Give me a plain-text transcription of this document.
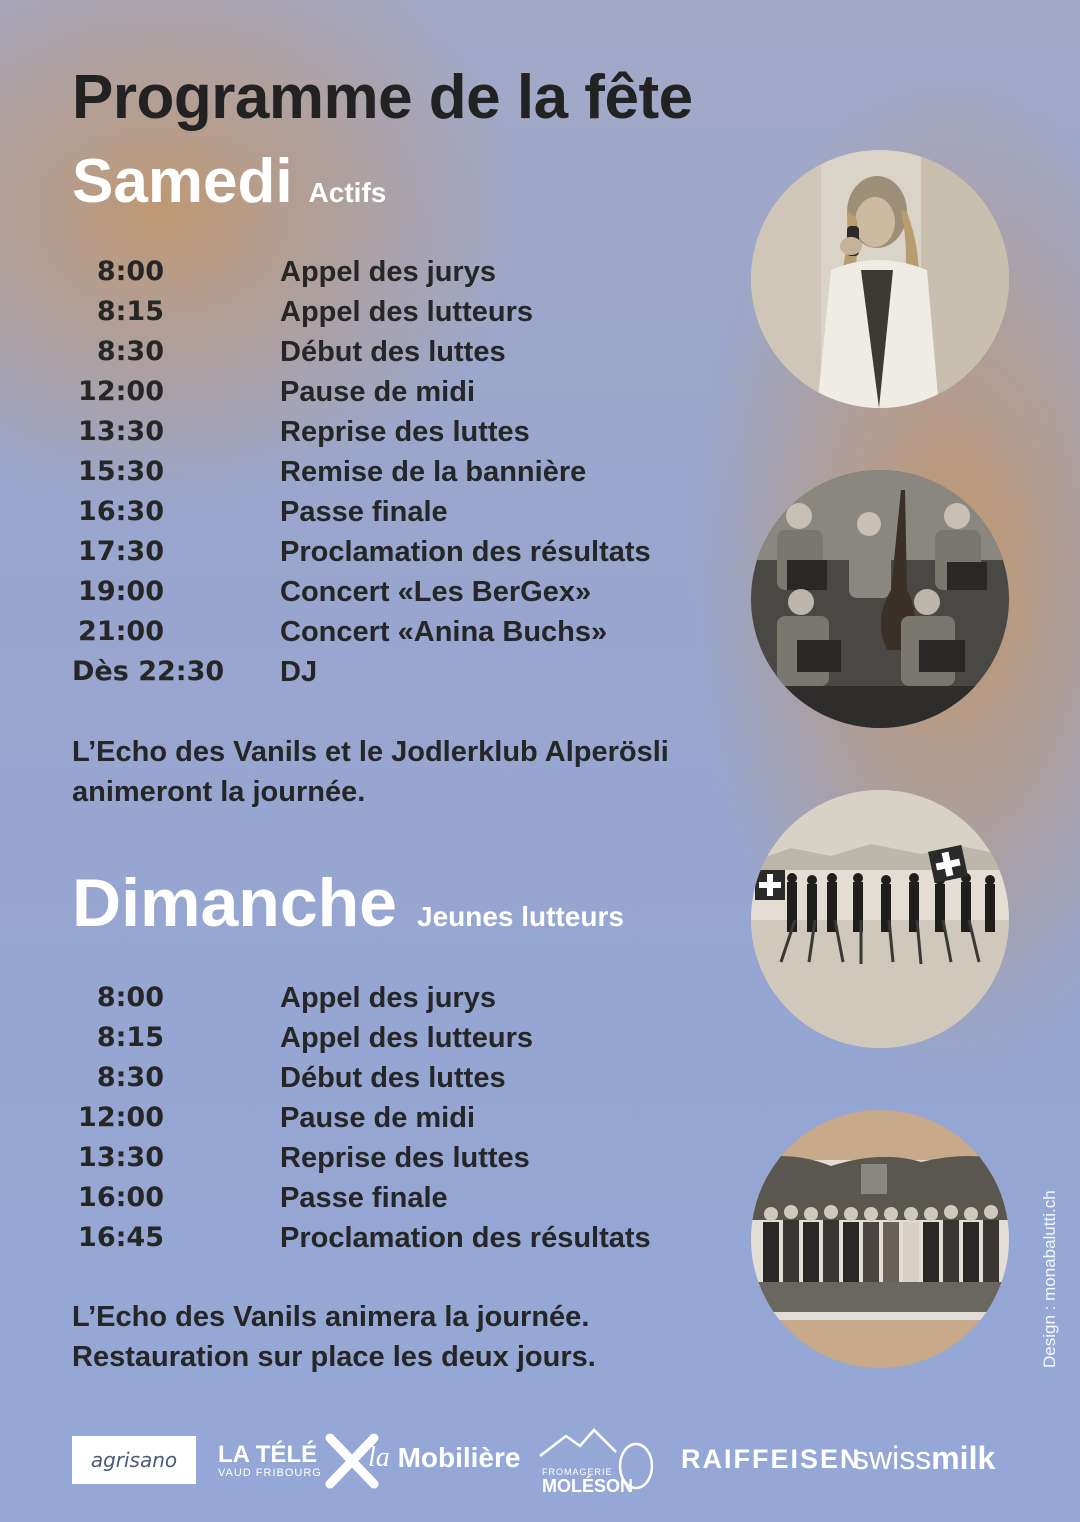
Programme de la fête
Samedi Actifs
8:00	Appel des jurys
8:15	Appel des lutteurs
8:30	Début des luttes
12:00	Pause de midi
13:30	Reprise des luttes
15:30	Remise de la bannière
16:30	Passe finale
17:30	Proclamation des résultats
19:00	Concert «Les BerGex»
21:00	Concert «Anina Buchs»
Dès 22:30	DJ
L’Echo des Vanils et le Jodlerklub Alperösli
animeront la journée.
Dimanche Jeunes lutteurs
8:00	Appel des jurys
8:15	Appel des lutteurs
8:30	Début des luttes
12:00	Pause de midi
13:30	Reprise des luttes
16:00	Passe finale
16:45	Proclamation des résultats
L’Echo des Vanils animera la journée.
Restauration sur place les deux jours.	Design : monabalutti.ch
agrisano LA TÉLÉ
VAUD FRIBOURG la
Mobilière FROMAGERIE
MOLÉSON
RAIFFEISEN
swiss milk
